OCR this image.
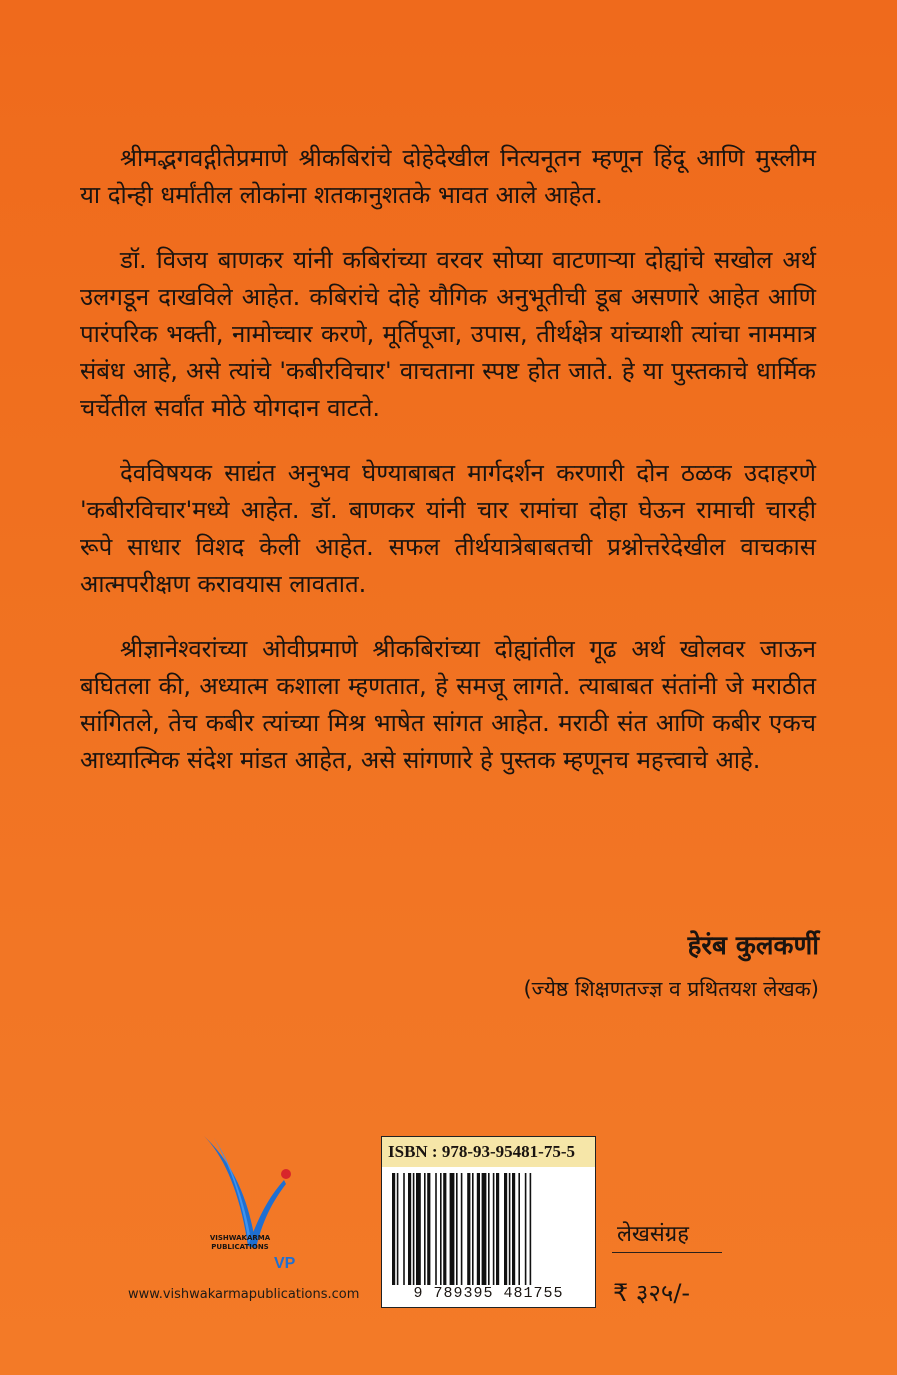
श्रीमद्भगवद्गीतेप्रमाणे श्रीकबिरांचे दोहेदेखील नित्यनूतन म्हणून हिंदू आणि मुस्लीम या दोन्ही धर्मांतील लोकांना शतकानुशतके भावत आले आहेत.

डॉ. विजय बाणकर यांनी कबिरांच्या वरवर सोप्या वाटणाऱ्या दोह्यांचे सखोल अर्थ उलगडून दाखविले आहेत. कबिरांचे दोहे यौगिक अनुभूतीची डूब असणारे आहेत आणि पारंपरिक भक्ती, नामोच्चार करणे, मूर्तिपूजा, उपास, तीर्थक्षेत्र यांच्याशी त्यांचा नाममात्र संबंध आहे, असे त्यांचे 'कबीरविचार' वाचताना स्पष्ट होत जाते. हे या पुस्तकाचे धार्मिक चर्चेतील सर्वांत मोठे योगदान वाटते.

देवविषयक साद्यंत अनुभव घेण्याबाबत मार्गदर्शन करणारी दोन ठळक उदाहरणे 'कबीरविचार'मध्ये आहेत. डॉ. बाणकर यांनी चार रामांचा दोहा घेऊन रामाची चारही रूपे साधार विशद केली आहेत. सफल तीर्थयात्रेबाबतची प्रश्नोत्तरेदेखील वाचकास आत्मपरीक्षण करावयास लावतात.

श्रीज्ञानेश्वरांच्या ओवीप्रमाणे श्रीकबिरांच्या दोह्यांतील गूढ अर्थ खोलवर जाऊन बघितला की, अध्यात्म कशाला म्हणतात, हे समजू लागते. त्याबाबत संतांनी जे मराठीत सांगितले, तेच कबीर त्यांच्या मिश्र भाषेत सांगत आहेत. मराठी संत आणि कबीर एकच आध्यात्मिक संदेश मांडत आहेत, असे सांगणारे हे पुस्तक म्हणूनच महत्त्वाचे आहे.

हेरंब कुलकर्णी
(ज्येष्ठ शिक्षणतज्ज्ञ व प्रथितयश लेखक)
VP
VISHWAKARMA PUBLICATIONS
www.vishwakarmapublications.com
ISBN : 978-93-95481-75-5
9 789395 481755
लेखसंग्रह
₹ ३२५/-
